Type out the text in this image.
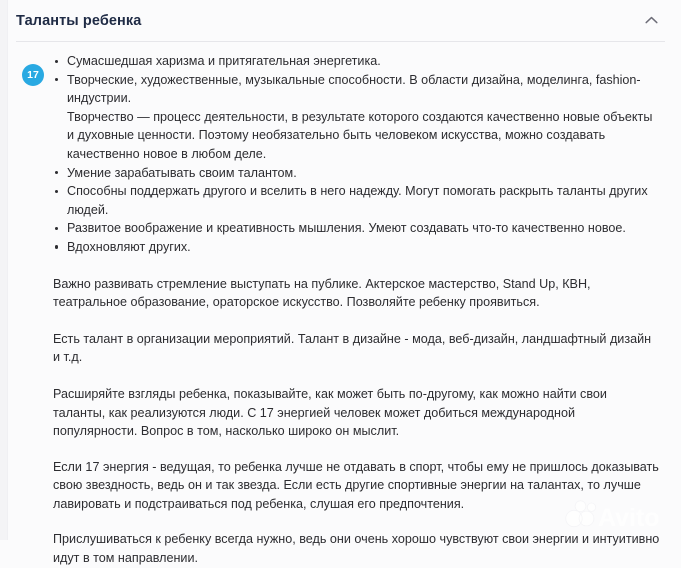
Таланты ребенка
17
Сумасшедшая харизма и притягательная энергетика.
Творческие, художественные, музыкальные способности. В области дизайна, моделинга, fashion-индустрии.
Творчество — процесс деятельности, в результате которого создаются качественно новые объекты и духовные ценности. Поэтому необязательно быть человеком искусства, можно создавать качественно новое в любом деле.
Умение зарабатывать своим талантом.
Способны поддержать другого и вселить в него надежду. Могут помогать раскрыть таланты других людей.
Развитое воображение и креативность мышления. Умеют создавать что-то качественно новое.
Вдохновляют других.

Важно развивать стремление выступать на публике. Актерское мастерство, Stand Up, КВН, театральное образование, ораторское искусство. Позволяйте ребенку проявиться.

Есть талант в организации мероприятий. Талант в дизайне - мода, веб-дизайн, ландшафтный дизайн и т.д.

Расширяйте взгляды ребенка, показывайте, как может быть по-другому, как можно найти свои таланты, как реализуются люди. С 17 энергией человек может добиться международной популярности. Вопрос в том, насколько широко он мыслит.

Если 17 энергия - ведущая, то ребенка лучше не отдавать в спорт, чтобы ему не пришлось доказывать свою звездность, ведь он и так звезда. Если есть другие спортивные энергии на талантах, то лучше лавировать и подстраиваться под ребенка, слушая его предпочтения.

Прислушиваться к ребенку всегда нужно, ведь они очень хорошо чувствуют свои энергии и интуитивно идут в том направлении.

Avito
